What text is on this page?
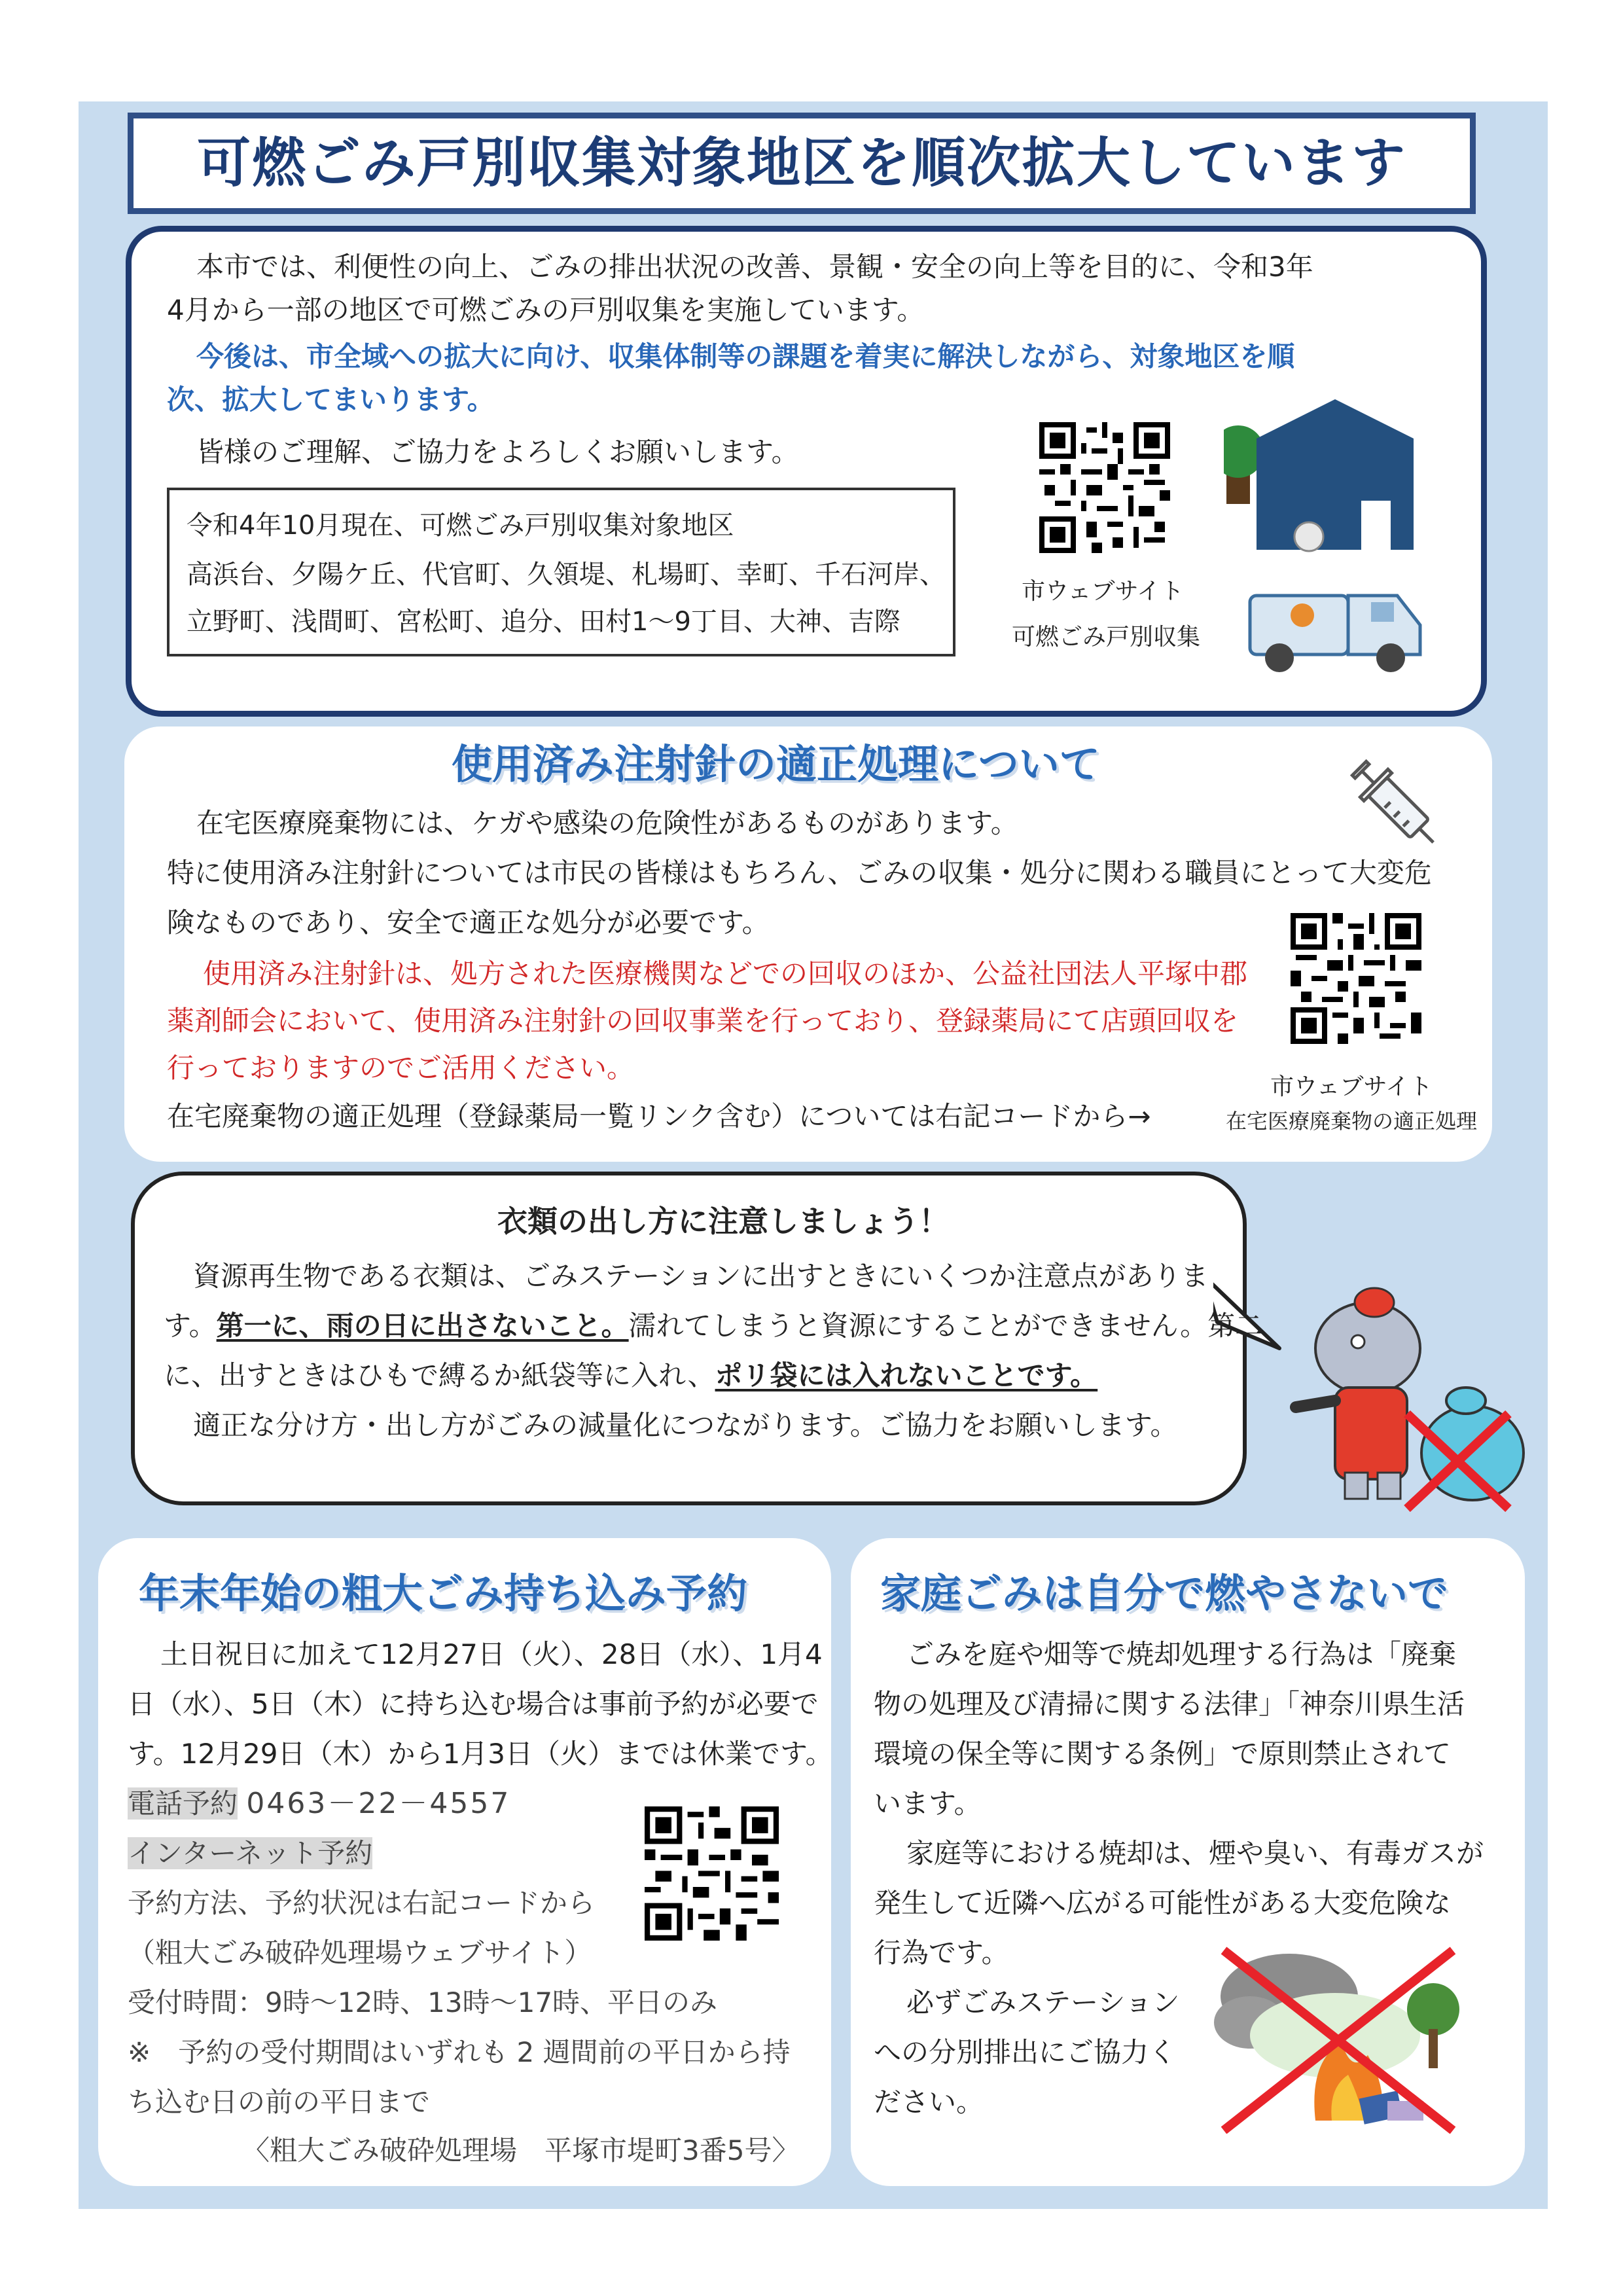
可燃ごみ戸別収集対象地区を順次拡大しています
本市では、利便性の向上、ごみの排出状況の改善、景観・安全の向上等を目的に、令和3年
4月から一部の地区で可燃ごみの戸別収集を実施しています。
今後は、市全域への拡大に向け、収集体制等の課題を着実に解決しながら、対象地区を順
次、拡大してまいります。
皆様のご理解、ご協力をよろしくお願いします。
令和4年10月現在、可燃ごみ戸別収集対象地区
高浜台、夕陽ケ丘、代官町、久領堤、札場町、幸町、千石河岸、
立野町、浅間町、宮松町、追分、田村1～9丁目、大神、吉際
市ウェブサイト
可燃ごみ戸別収集
使用済み注射針の適正処理について
在宅医療廃棄物には、ケガや感染の危険性があるものがあります。
特に使用済み注射針については市民の皆様はもちろん、ごみの収集・処分に関わる職員にとって大変危
険なものであり、安全で適正な処分が必要です。
使用済み注射針は、処方された医療機関などでの回収のほか、公益社団法人平塚中郡
薬剤師会において、使用済み注射針の回収事業を行っており、登録薬局にて店頭回収を
行っておりますのでご活用ください。
在宅廃棄物の適正処理（登録薬局一覧リンク含む）については右記コードから→
市ウェブサイト
在宅医療廃棄物の適正処理
衣類の出し方に注意しましょう！
資源再生物である衣類は、ごみステーションに出すときにいくつか注意点がありま
す。第一に、雨の日に出さないこと。濡れてしまうと資源にすることができません。第二
に、出すときはひもで縛るか紙袋等に入れ、ポリ袋には入れないことです。
適正な分け方・出し方がごみの減量化につながります。ご協力をお願いします。
年末年始の粗大ごみ持ち込み予約
土日祝日に加えて12月27日（火）、28日（水）、1月4
日（水）、5日（木）に持ち込む場合は事前予約が必要で
す。12月29日（木）から1月3日（火）までは休業です。
電話予約 0463－22－4557
インターネット予約
予約方法、予約状況は右記コードから
（粗大ごみ破砕処理場ウェブサイト）
受付時間：9時～12時、13時～17時、平日のみ
※　予約の受付期間はいずれも 2 週間前の平日から持
ち込む日の前の平日まで
〈粗大ごみ破砕処理場　平塚市堤町3番5号〉
家庭ごみは自分で燃やさないで
ごみを庭や畑等で焼却処理する行為は「廃棄
物の処理及び清掃に関する法律」「神奈川県生活
環境の保全等に関する条例」で原則禁止されて
います。
家庭等における焼却は、煙や臭い、有毒ガスが
発生して近隣へ広がる可能性がある大変危険な
行為です。
必ずごみステーション
への分別排出にご協力く
ださい。
